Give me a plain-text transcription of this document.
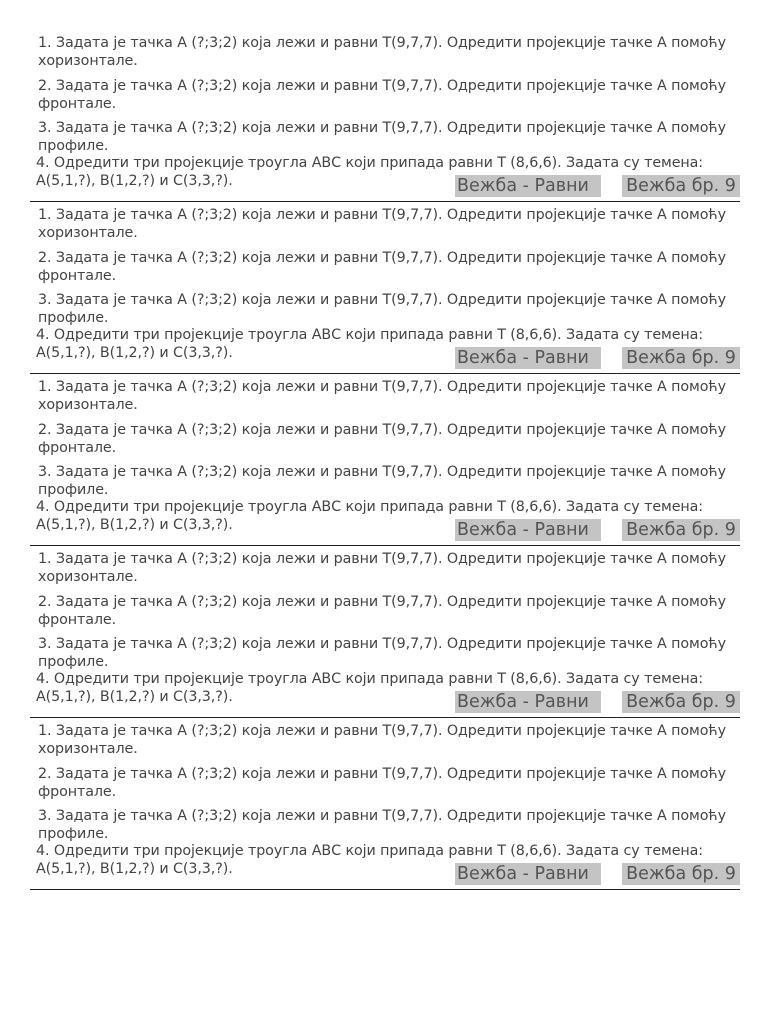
1. Задата је тачка А (?;3;2) која лежи и равни Т(9,7,7). Одредити пројекције тачке А помоћу хоризонтале.

2. Задата је тачка А (?;3;2) која лежи и равни Т(9,7,7). Одредити пројекције тачке А помоћу фронтале.

3. Задата је тачка А (?;3;2) која лежи и равни Т(9,7,7). Одредити пројекције тачке А помоћу профиле.

4. Одредити три пројекције троугла АВС који припада равни Т (8,6,6). Задата су темена:
А(5,1,?), В(1,2,?) и С(3,3,?).	Вежба - Равни	Вежба бр. 9

1. Задата је тачка А (?;3;2) која лежи и равни Т(9,7,7). Одредити пројекције тачке А помоћу хоризонтале.

2. Задата је тачка А (?;3;2) која лежи и равни Т(9,7,7). Одредити пројекције тачке А помоћу фронтале.

3. Задата је тачка А (?;3;2) која лежи и равни Т(9,7,7). Одредити пројекције тачке А помоћу профиле.

4. Одредити три пројекције троугла АВС који припада равни Т (8,6,6). Задата су темена:
А(5,1,?), В(1,2,?) и С(3,3,?).	Вежба - Равни	Вежба бр. 9

1. Задата је тачка А (?;3;2) која лежи и равни Т(9,7,7). Одредити пројекције тачке А помоћу хоризонтале.

2. Задата је тачка А (?;3;2) која лежи и равни Т(9,7,7). Одредити пројекције тачке А помоћу фронтале.

3. Задата је тачка А (?;3;2) која лежи и равни Т(9,7,7). Одредити пројекције тачке А помоћу профиле.

4. Одредити три пројекције троугла АВС који припада равни Т (8,6,6). Задата су темена:
А(5,1,?), В(1,2,?) и С(3,3,?).	Вежба - Равни	Вежба бр. 9

1. Задата је тачка А (?;3;2) која лежи и равни Т(9,7,7). Одредити пројекције тачке А помоћу хоризонтале.

2. Задата је тачка А (?;3;2) која лежи и равни Т(9,7,7). Одредити пројекције тачке А помоћу фронтале.

3. Задата је тачка А (?;3;2) која лежи и равни Т(9,7,7). Одредити пројекције тачке А помоћу профиле.

4. Одредити три пројекције троугла АВС који припада равни Т (8,6,6). Задата су темена:
А(5,1,?), В(1,2,?) и С(3,3,?).	Вежба - Равни	Вежба бр. 9

1. Задата је тачка А (?;3;2) која лежи и равни Т(9,7,7). Одредити пројекције тачке А помоћу хоризонтале.

2. Задата је тачка А (?;3;2) која лежи и равни Т(9,7,7). Одредити пројекције тачке А помоћу фронтале.

3. Задата је тачка А (?;3;2) која лежи и равни Т(9,7,7). Одредити пројекције тачке А помоћу профиле.

4. Одредити три пројекције троугла АВС који припада равни Т (8,6,6). Задата су темена:
А(5,1,?), В(1,2,?) и С(3,3,?).	Вежба - Равни	Вежба бр. 9
